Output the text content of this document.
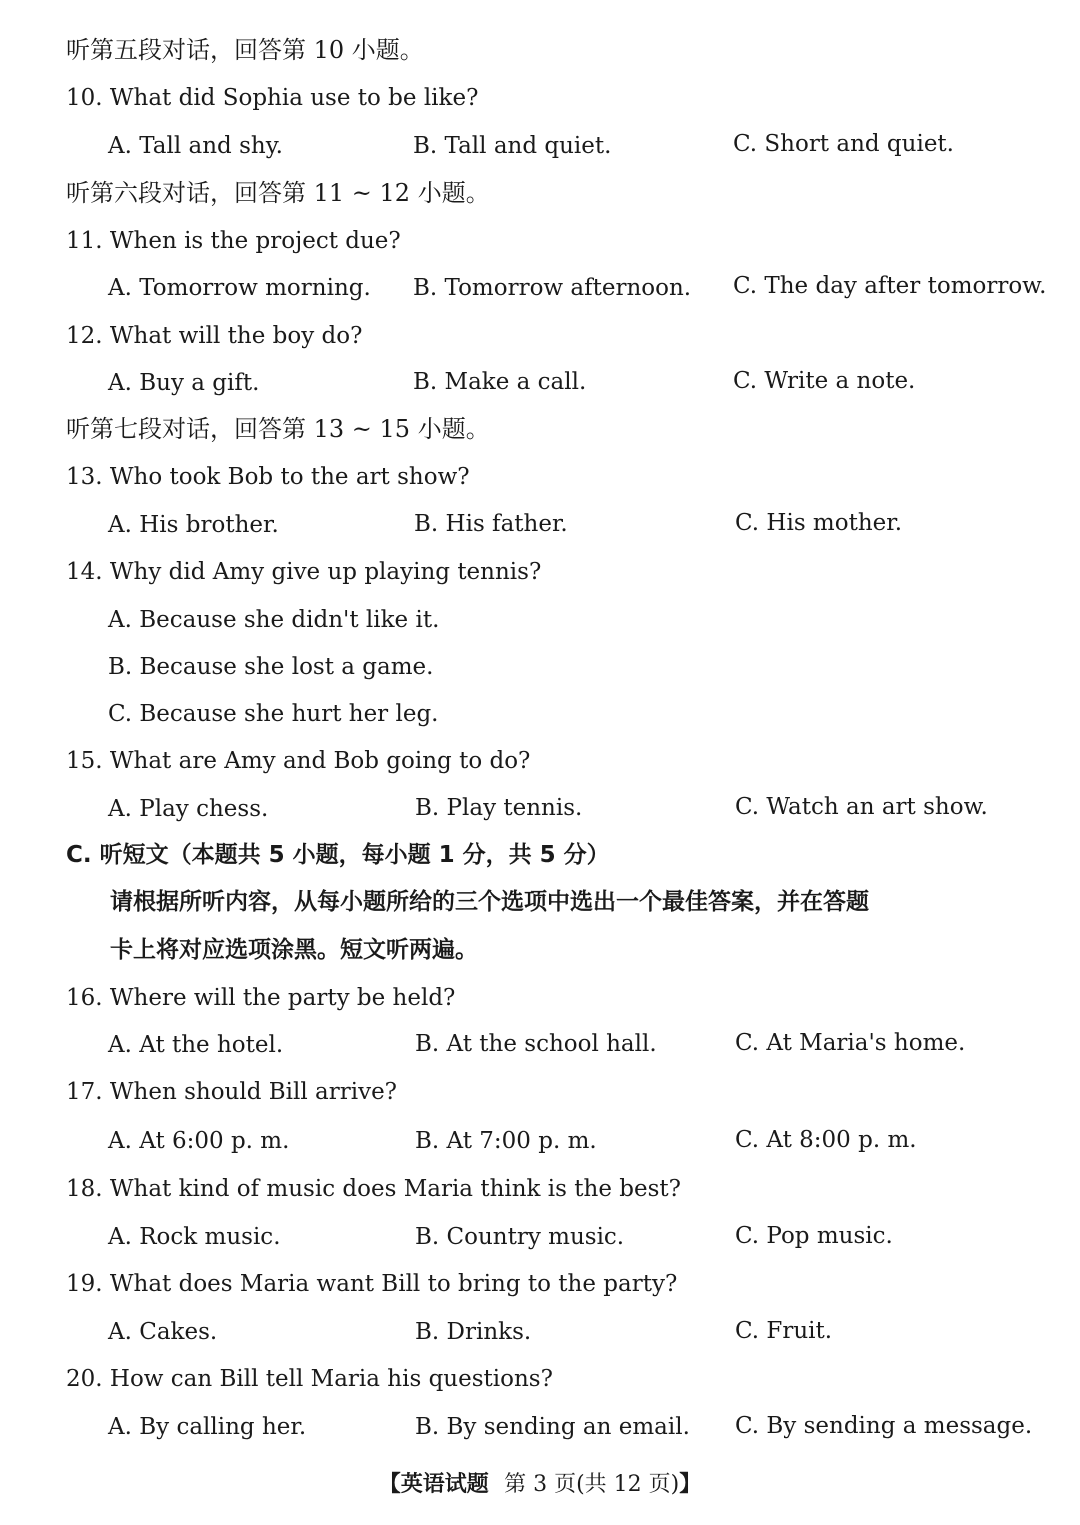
听第五段对话，回答第 10 小题。
10. What did Sophia use to be like?
A. Tall and shy.	B. Tall and quiet.	C. Short and quiet.
听第六段对话，回答第 11 ~ 12 小题。
11. When is the project due?
A. Tomorrow morning. B. Tomorrow afternoon. C. The day after tomorrow.
12. What will the boy do?
A. Buy a gift.	B. Make a call.	C. Write a note.
听第七段对话，回答第 13 ~ 15 小题。
13. Who took Bob to the art show?
A. His brother.	B. His father.	C. His mother.
14. Why did Amy give up playing tennis?
A. Because she didn't like it.
B. Because she lost a game.
C. Because she hurt her leg.
15. What are Amy and Bob going to do?
A. Play chess.	B. Play tennis.	C. Watch an art show.
C. 听短文（本题共 5 小题，每小题 1 分，共 5 分）
请根据所听内容，从每小题所给的三个选项中选出一个最佳答案，并在答题
卡上将对应选项涂黑。短文听两遍。
16. Where will the party be held?
A. At the hotel.	B. At the school hall.	C. At Maria's home.
17. When should Bill arrive?
A. At 6:00 p. m.	B. At 7:00 p. m.	C. At 8:00 p. m.
18. What kind of music does Maria think is the best?
A. Rock music.	B. Country music.	C. Pop music.
19. What does Maria want Bill to bring to the party?
A. Cakes.	B. Drinks.	C. Fruit.
20. How can Bill tell Maria his questions?
A. By calling her.	B. By sending an email. C. By sending a message.
【英语试题 第 3 页(共 12 页)】
